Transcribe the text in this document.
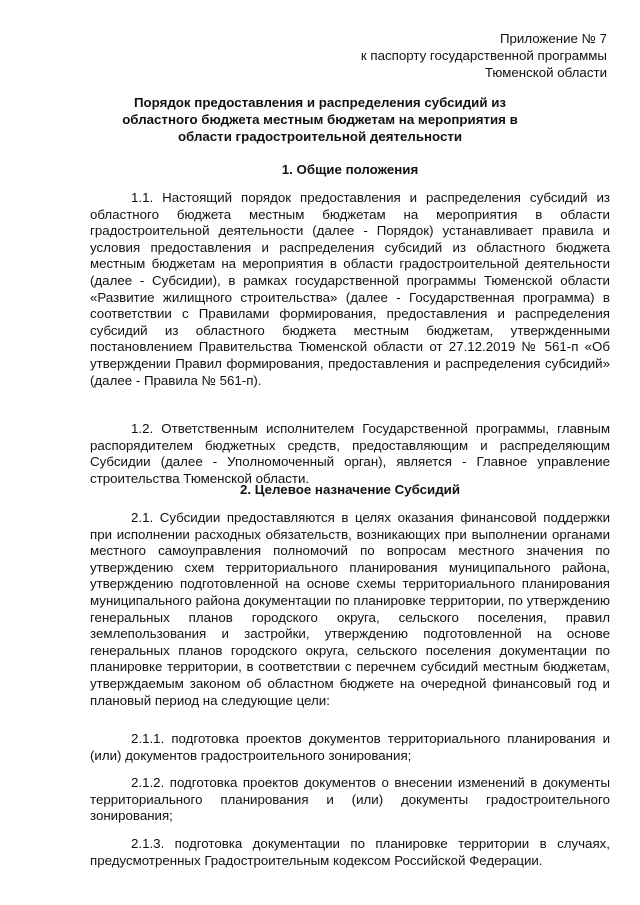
Приложение № 7
к паспорту государственной программы
Тюменской области
Порядок предоставления и распределения субсидий из областного бюджета местным бюджетам на мероприятия в области градостроительной деятельности
1. Общие положения
1.1. Настоящий порядок предоставления и распределения субсидий из областного бюджета местным бюджетам на мероприятия в области градостроительной деятельности (далее - Порядок) устанавливает правила и условия предоставления и распределения субсидий из областного бюджета местным бюджетам на мероприятия в области градостроительной деятельности (далее - Субсидии), в рамках государственной программы Тюменской области «Развитие жилищного строительства» (далее - Государственная программа) в соответствии с Правилами формирования, предоставления и распределения субсидий из областного бюджета местным бюджетам, утвержденными постановлением Правительства Тюменской области от 27.12.2019 № 561-п «Об утверждении Правил формирования, предоставления и распределения субсидий» (далее - Правила № 561-п).
1.2. Ответственным исполнителем Государственной программы, главным распорядителем бюджетных средств, предоставляющим и распределяющим Субсидии (далее - Уполномоченный орган), является - Главное управление строительства Тюменской области.
2. Целевое назначение Субсидий
2.1. Субсидии предоставляются в целях оказания финансовой поддержки при исполнении расходных обязательств, возникающих при выполнении органами местного самоуправления полномочий по вопросам местного значения по утверждению схем территориального планирования муниципального района, утверждению подготовленной на основе схемы территориального планирования муниципального района документации по планировке территории, по утверждению генеральных планов городского округа, сельского поселения, правил землепользования и застройки, утверждению подготовленной на основе генеральных планов городского округа, сельского поселения документации по планировке территории, в соответствии с перечнем субсидий местным бюджетам, утверждаемым законом об областном бюджете на очередной финансовый год и плановый период на следующие цели:
2.1.1. подготовка проектов документов территориального планирования и (или) документов градостроительного зонирования;
2.1.2. подготовка проектов документов о внесении изменений в документы территориального планирования и (или) документы градостроительного зонирования;
2.1.3. подготовка документации по планировке территории в случаях, предусмотренных Градостроительным кодексом Российской Федерации.
